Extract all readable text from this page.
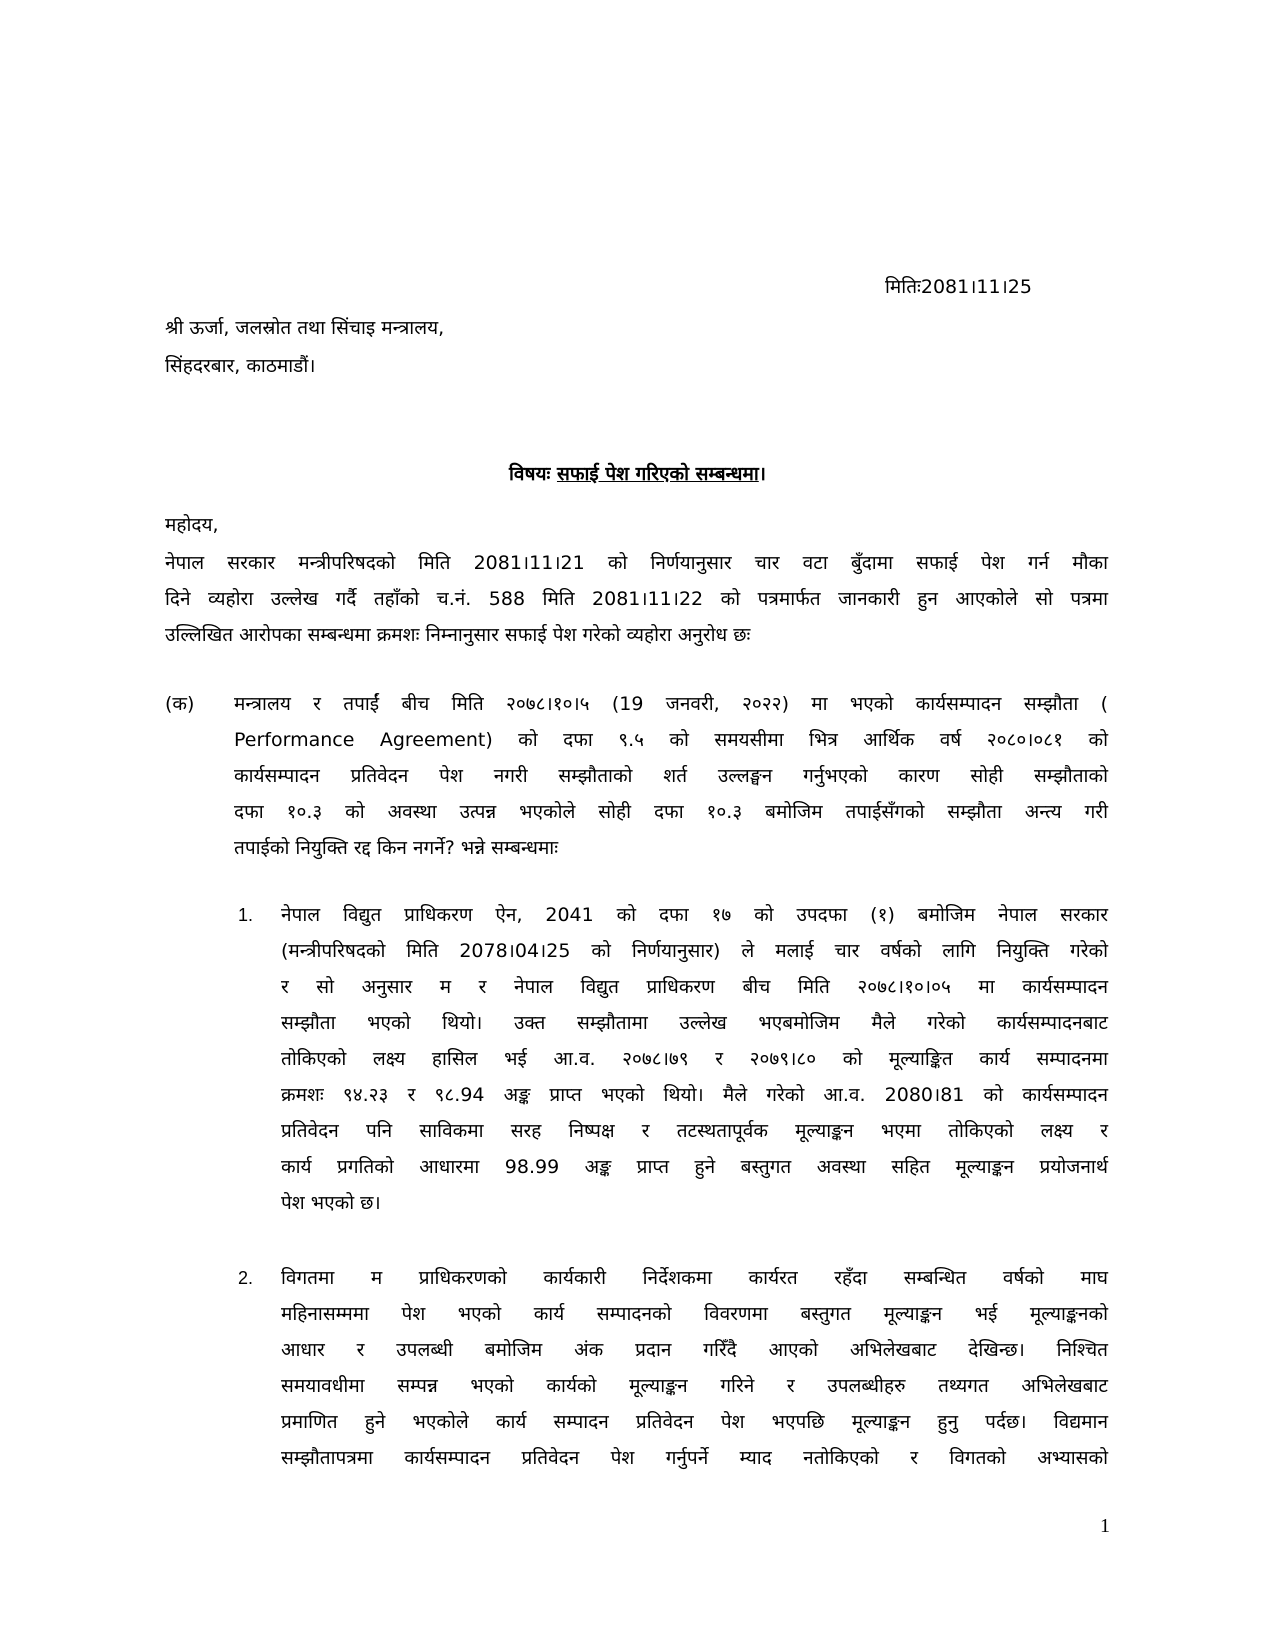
मितिः2081।11।25
श्री ऊर्जा, जलस्रोत तथा सिंचाइ मन्त्रालय,
सिंहदरबार, काठमाडौं।
विषयः सफाई पेश गरिएको सम्बन्धमा।
महोदय,
नेपाल सरकार मन्त्रीपरिषदको मिति 2081।11।21 को निर्णयानुसार चार वटा बुँदामा सफाई पेश गर्न मौका
दिने व्यहोरा उल्लेख गर्दै तहाँको च.नं. 588 मिति 2081।11।22 को पत्रमार्फत जानकारी हुन आएकोले सो पत्रमा
उल्लिखित आरोपका सम्बन्धमा क्रमशः निम्नानुसार सफाई पेश गरेको व्यहोरा अनुरोध छः
(क) मन्त्रालय र तपाईं बीच मिति २०७८।१०।५ (19 जनवरी, २०२२) मा भएको कार्यसम्पादन सम्झौता (
Performance Agreement) को दफा ९.५ को समयसीमा भित्र आर्थिक वर्ष २०८०।०८१ को
कार्यसम्पादन प्रतिवेदन पेश नगरी सम्झौताको शर्त उल्लङ्घन गर्नुभएको कारण सोही सम्झौताको
दफा १०.३ को अवस्था उत्पन्न भएकोले सोही दफा १०.३ बमोजिम तपाईसँगको सम्झौता अन्त्य गरी
तपाईको नियुक्ति रद्द किन नगर्ने? भन्ने सम्बन्धमाः
1. नेपाल विद्युत प्राधिकरण ऐन, 2041 को दफा १७ को उपदफा (१) बमोजिम नेपाल सरकार
(मन्त्रीपरिषदको मिति 2078।04।25 को निर्णयानुसार) ले मलाई चार वर्षको लागि नियुक्ति गरेको
र सो अनुसार म र नेपाल विद्युत प्राधिकरण बीच मिति २०७८।१०।०५ मा कार्यसम्पादन
सम्झौता भएको थियो। उक्त सम्झौतामा उल्लेख भएबमोजिम मैले गरेको कार्यसम्पादनबाट
तोकिएको लक्ष्य हासिल भई आ.व. २०७८।७९ र २०७९।८० को मूल्याङ्कित कार्य सम्पादनमा
क्रमशः ९४.२३ र ९८.94 अङ्क प्राप्त भएको थियो। मैले गरेको आ.व. 2080।81 को कार्यसम्पादन
प्रतिवेदन पनि साविकमा सरह निष्पक्ष र तटस्थतापूर्वक मूल्याङ्कन भएमा तोकिएको लक्ष्य र
कार्य प्रगतिको आधारमा 98.99 अङ्क प्राप्त हुने बस्तुगत अवस्था सहित मूल्याङ्कन प्रयोजनार्थ
पेश भएको छ।
2. विगतमा म प्राधिकरणको कार्यकारी निर्देशकमा कार्यरत रहँदा सम्बन्धित वर्षको माघ
महिनासम्ममा पेश भएको कार्य सम्पादनको विवरणमा बस्तुगत मूल्याङ्कन भई मूल्याङ्कनको
आधार र उपलब्धी बमोजिम अंक प्रदान गरिँदै आएको अभिलेखबाट देखिन्छ। निश्चित
समयावधीमा सम्पन्न भएको कार्यको मूल्याङ्कन गरिने र उपलब्धीहरु तथ्यगत अभिलेखबाट
प्रमाणित हुने भएकोले कार्य सम्पादन प्रतिवेदन पेश भएपछि मूल्याङ्कन हुनु पर्दछ। विद्यमान
सम्झौतापत्रमा कार्यसम्पादन प्रतिवेदन पेश गर्नुपर्ने म्याद नतोकिएको र विगतको अभ्यासको
1
